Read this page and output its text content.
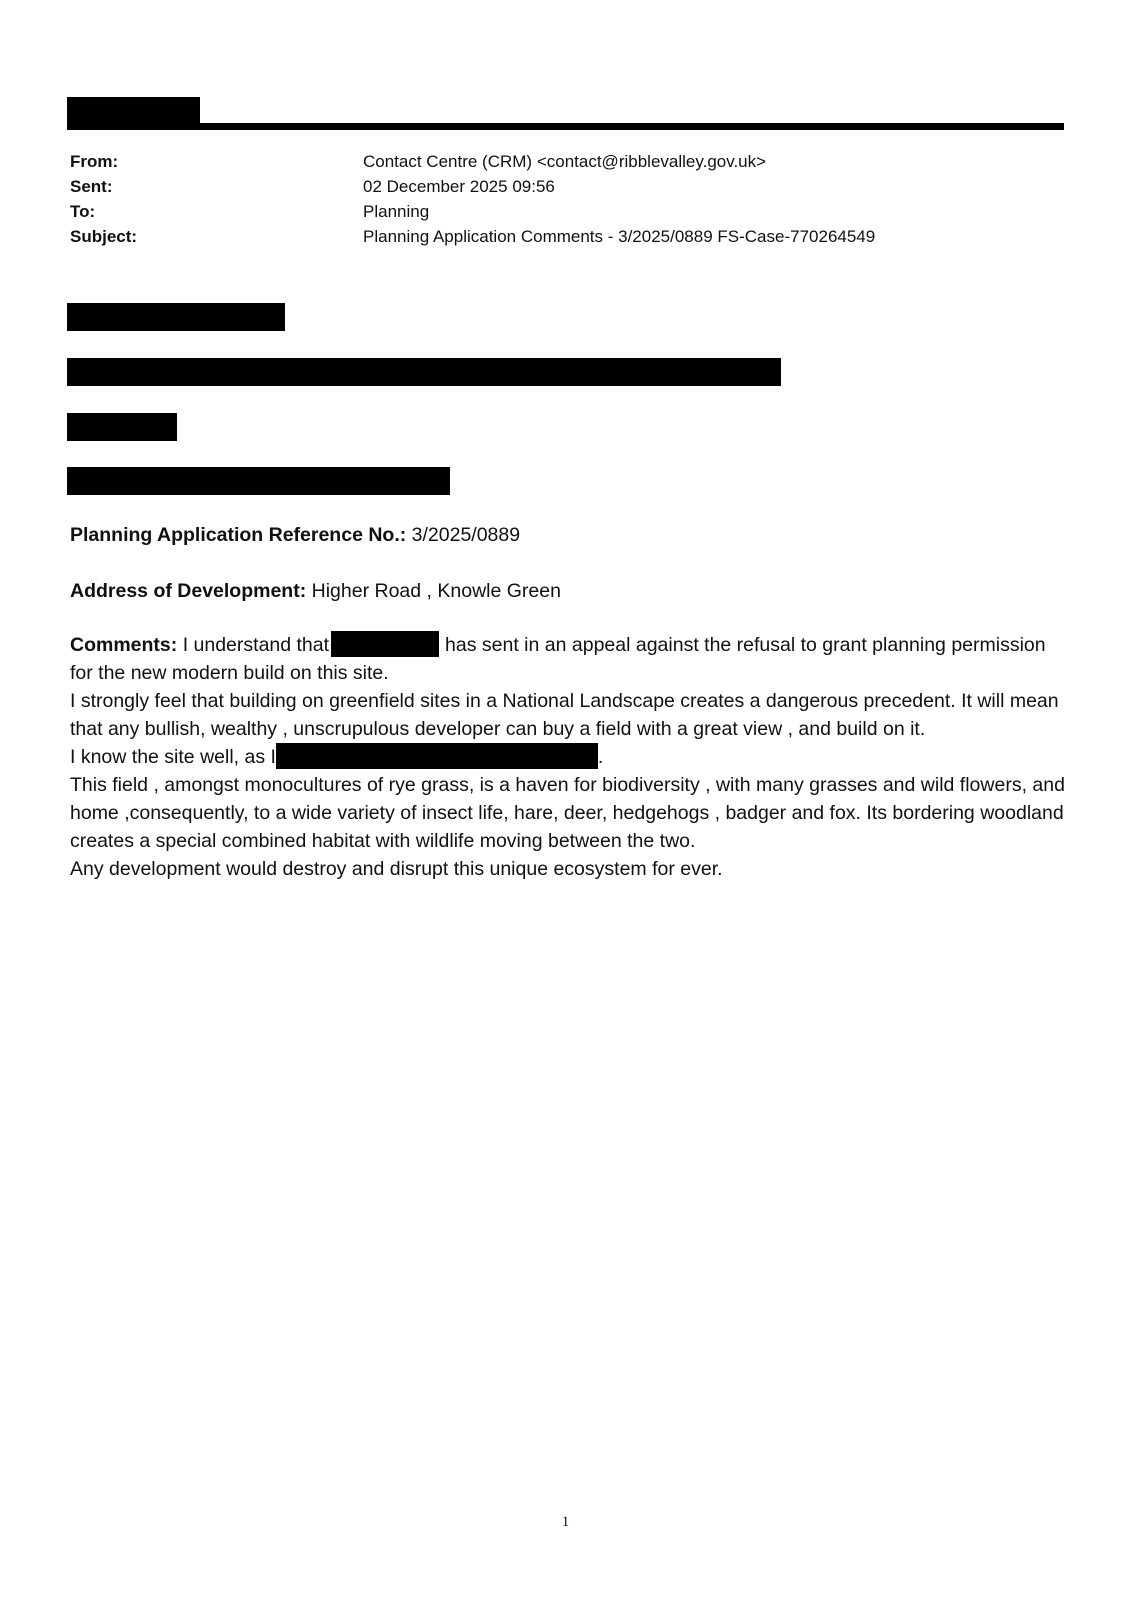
From:	Contact Centre (CRM) <contact@ribblevalley.gov.uk>
Sent:	02 December 2025 09:56
To:	Planning
Subject:	Planning Application Comments - 3/2025/0889 FS-Case-770264549
Planning Application Reference No.: 3/2025/0889
Address of Development: Higher Road , Knowle Green
Comments: I understand that	has sent in an appeal against the refusal to grant planning permission for the new modern build on this site.
I strongly feel that building on greenfield sites in a National Landscape creates a dangerous precedent. It will mean that any bullish, wealthy , unscrupulous developer can buy a field with a great view , and build on it.
I know the site well, as I	.
This field , amongst monocultures of rye grass, is a haven for biodiversity , with many grasses and wild flowers, and home ,consequently, to a wide variety of insect life, hare, deer, hedgehogs , badger and fox. Its bordering woodland creates a special combined habitat with wildlife moving between the two.
Any development would destroy and disrupt this unique ecosystem for ever.
1
